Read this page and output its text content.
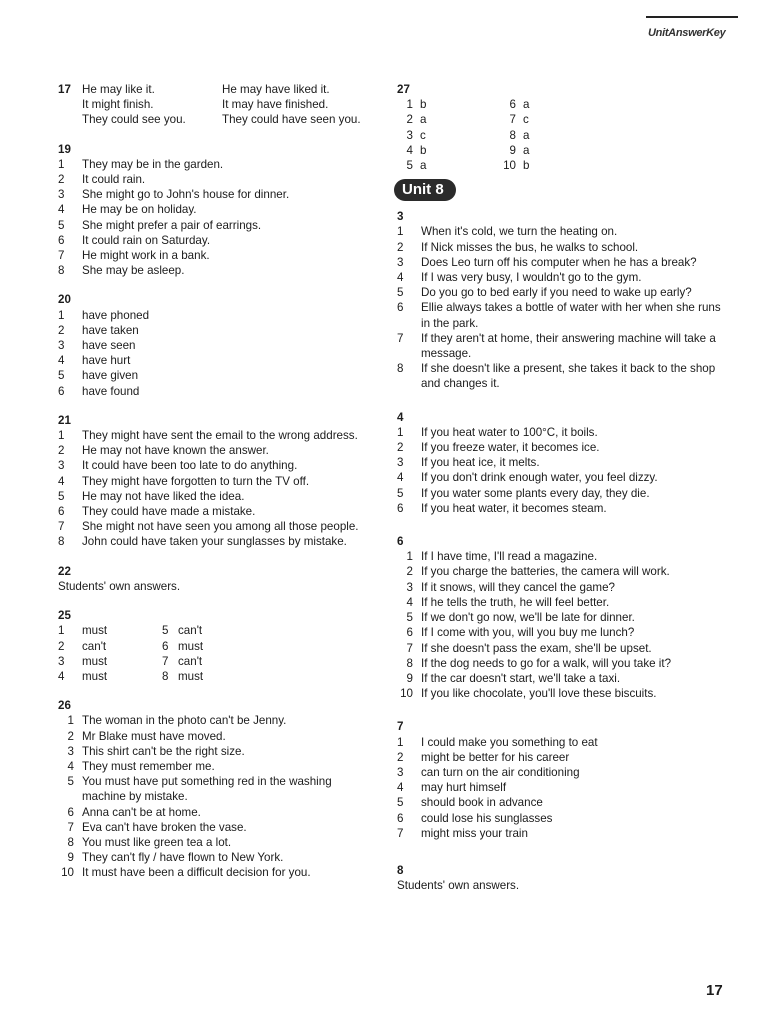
UnitAnswerKey
17 He may like it.	He may have liked it.
It might finish.	It may have finished.
They could see you.	They could have seen you.
19
1	They may be in the garden.
2	It could rain.
3	She might go to John's house for dinner.
4	He may be on holiday.
5	She might prefer a pair of earrings.
6	It could rain on Saturday.
7	He might work in a bank.
8	She may be asleep.
20
1	have phoned
2	have taken
3	have seen
4	have hurt
5	have given
6	have found
21
1	They might have sent the email to the wrong address.
2	He may not have known the answer.
3	It could have been too late to do anything.
4	They might have forgotten to turn the TV off.
5	He may not have liked the idea.
6	They could have made a mistake.
7	She might not have seen you among all those people.
8	John could have taken your sunglasses by mistake.
22
Students' own answers.
25
1	must	5 can't
2	can't	6 must
3	must	7 can't
4	must	8 must
26
1 The woman in the photo can't be Jenny.
2 Mr Blake must have moved.
3 This shirt can't be the right size.
4 They must remember me.
5 You must have put something red in the washing machine by mistake.
6 Anna can't be at home.
7 Eva can't have broken the vase.
8 You must like green tea a lot.
9 They can't fly / have flown to New York.
10 It must have been a difficult decision for you.
27
1 b	6 a
2 a	7 c
3 c	8 a
4 b	9 a
5 a	10 b
Unit 8
3
1	When it's cold, we turn the heating on.
2	If Nick misses the bus, he walks to school.
3	Does Leo turn off his computer when he has a break?
4	If I was very busy, I wouldn't go to the gym.
5	Do you go to bed early if you need to wake up early?
6	Ellie always takes a bottle of water with her when she runs in the park.
7	If they aren't at home, their answering machine will take a message.
8	If she doesn't like a present, she takes it back to the shop and changes it.
4
1	If you heat water to 100°C, it boils.
2	If you freeze water, it becomes ice.
3	If you heat ice, it melts.
4	If you don't drink enough water, you feel dizzy.
5	If you water some plants every day, they die.
6	If you heat water, it becomes steam.
6
1 If I have time, I'll read a magazine.
2 If you charge the batteries, the camera will work.
3 If it snows, will they cancel the game?
4 If he tells the truth, he will feel better.
5 If we don't go now, we'll be late for dinner.
6 If I come with you, will you buy me lunch?
7 If she doesn't pass the exam, she'll be upset.
8 If the dog needs to go for a walk, will you take it?
9 If the car doesn't start, we'll take a taxi.
10 If you like chocolate, you'll love these biscuits.
7
1	I could make you something to eat
2	might be better for his career
3	can turn on the air conditioning
4	may hurt himself
5	should book in advance
6	could lose his sunglasses
7	might miss your train
8
Students' own answers.
17
